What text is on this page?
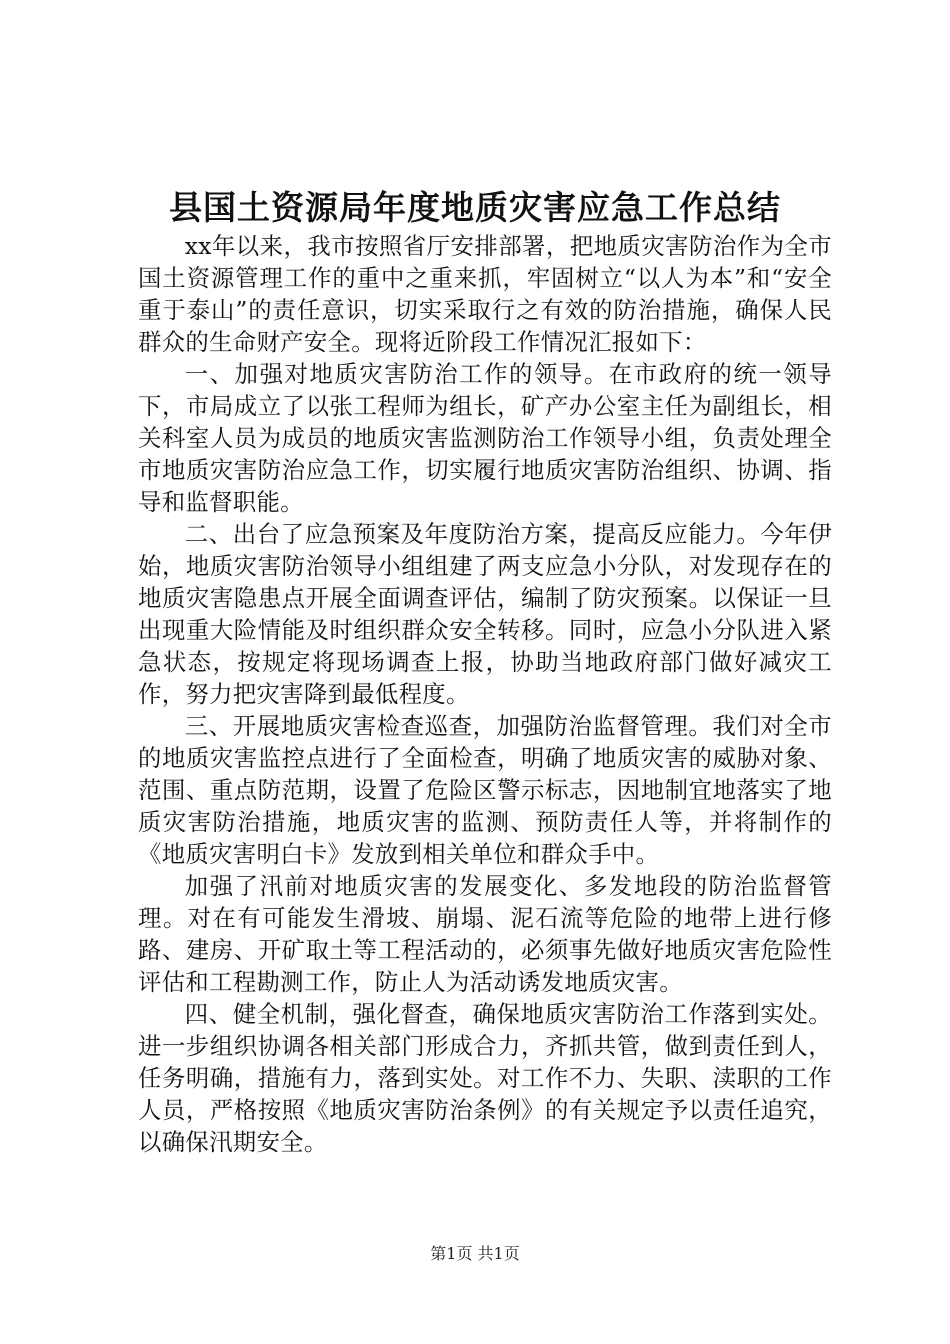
县国土资源局年度地质灾害应急工作总结

xx年以来，我市按照省厅安排部署，把地质灾害防治作为全市国土资源管理工作的重中之重来抓，牢固树立“以人为本”和“安全重于泰山”的责任意识，切实采取行之有效的防治措施，确保人民群众的生命财产安全。现将近阶段工作情况汇报如下：

一、加强对地质灾害防治工作的领导。在市政府的统一领导下，市局成立了以张工程师为组长，矿产办公室主任为副组长，相关科室人员为成员的地质灾害监测防治工作领导小组，负责处理全市地质灾害防治应急工作，切实履行地质灾害防治组织、协调、指导和监督职能。

二、出台了应急预案及年度防治方案，提高反应能力。今年伊始，地质灾害防治领导小组组建了两支应急小分队，对发现存在的地质灾害隐患点开展全面调查评估，编制了防灾预案。以保证一旦出现重大险情能及时组织群众安全转移。同时，应急小分队进入紧急状态，按规定将现场调查上报，协助当地政府部门做好减灾工作，努力把灾害降到最低程度。

三、开展地质灾害检查巡查，加强防治监督管理。我们对全市的地质灾害监控点进行了全面检查，明确了地质灾害的威胁对象、范围、重点防范期，设置了危险区警示标志，因地制宜地落实了地质灾害防治措施，地质灾害的监测、预防责任人等，并将制作的《地质灾害明白卡》发放到相关单位和群众手中。

加强了汛前对地质灾害的发展变化、多发地段的防治监督管理。对在有可能发生滑坡、崩塌、泥石流等危险的地带上进行修路、建房、开矿取土等工程活动的，必须事先做好地质灾害危险性评估和工程勘测工作，防止人为活动诱发地质灾害。

四、健全机制，强化督查，确保地质灾害防治工作落到实处。进一步组织协调各相关部门形成合力，齐抓共管，做到责任到人，任务明确，措施有力，落到实处。对工作不力、失职、渎职的工作人员，严格按照《地质灾害防治条例》的有关规定予以责任追究，以确保汛期安全。

第1页 共1页
